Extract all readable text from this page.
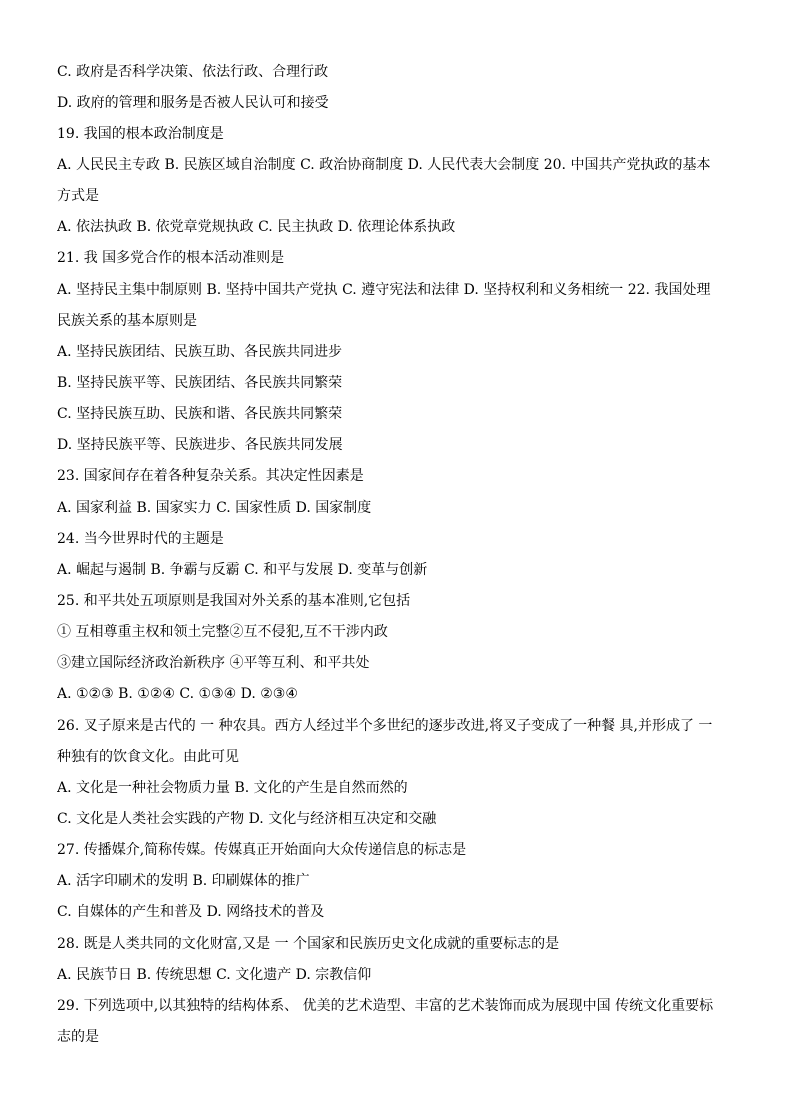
C. 政府是否科学决策、依法行政、合理行政
D. 政府的管理和服务是否被人民认可和接受
19. 我国的根本政治制度是
A. 人民民主专政 B. 民族区域自治制度 C. 政治协商制度 D. 人民代表大会制度 20. 中国共产党执政的基本
方式是
A. 依法执政 B. 依党章党规执政 C. 民主执政 D. 依理论体系执政
21. 我 国多党合作的根本活动准则是
A. 坚持民主集中制原则 B. 坚持中国共产党执 C. 遵守宪法和法律 D. 坚持权利和义务相统一 22. 我国处理
民族关系的基本原则是
A. 坚持民族团结、民族互助、各民族共同进步
B. 坚持民族平等、民族团结、各民族共同繁荣
C. 坚持民族互助、民族和谐、各民族共同繁荣
D. 坚持民族平等、民族进步、各民族共同发展
23. 国家间存在着各种复杂关系。其决定性因素是
A. 国家利益 B. 国家实力 C. 国家性质 D. 国家制度
24. 当今世界时代的主题是
A. 崛起与遏制 B. 争霸与反霸 C. 和平与发展 D. 变革与创新
25. 和平共处五项原则是我国对外关系的基本准则,它包括
① 互相尊重主权和领土完整②互不侵犯,互不干涉内政
③建立国际经济政治新秩序 ④平等互利、和平共处
A. ①②③ B. ①②④ C. ①③④ D. ②③④
26. 叉子原来是古代的 一 种农具。西方人经过半个多世纪的逐步改进,将叉子变成了一种餐 具,并形成了 一
种独有的饮食文化。由此可见
A. 文化是一种社会物质力量 B. 文化的产生是自然而然的
C. 文化是人类社会实践的产物 D. 文化与经济相互决定和交融
27. 传播媒介,简称传媒。传媒真正开始面向大众传递信息的标志是
A. 活字印刷术的发明 B. 印刷媒体的推广
C. 自媒体的产生和普及 D. 网络技术的普及
28. 既是人类共同的文化财富,又是 一 个国家和民族历史文化成就的重要标志的是
A. 民族节日 B. 传统思想 C. 文化遗产 D. 宗教信仰
29. 下列选项中,以其独特的结构体系、 优美的艺术造型、丰富的艺术装饰而成为展现中国 传统文化重要标
志的是
